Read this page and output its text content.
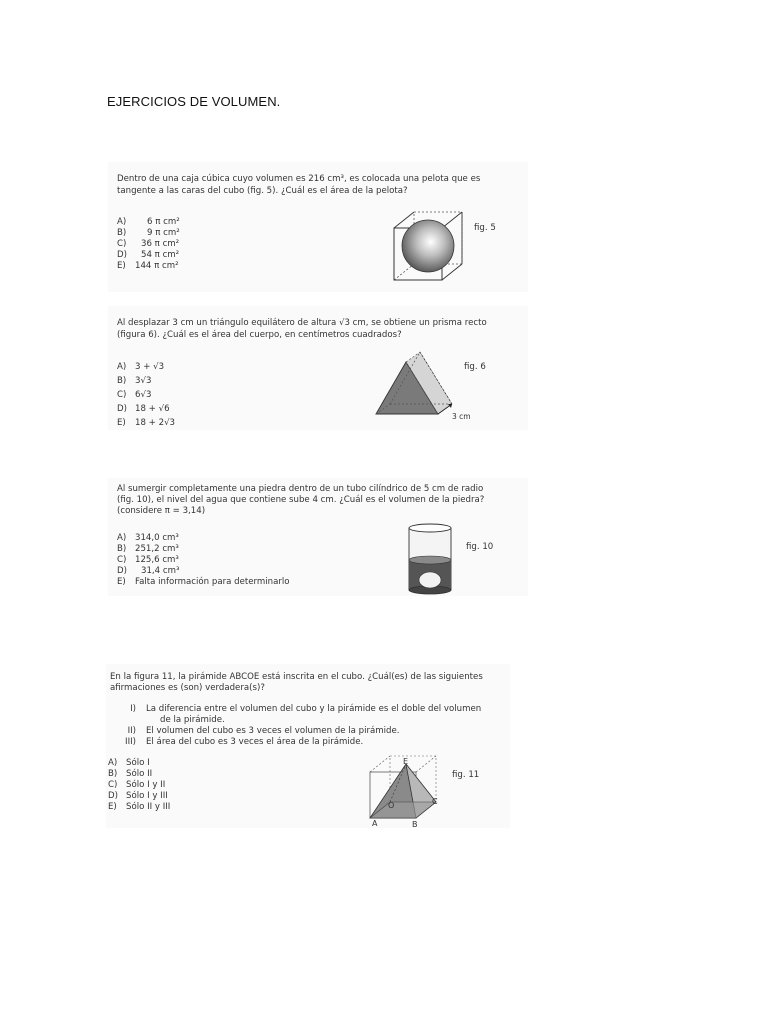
EJERCICIOS DE VOLUMEN.
Dentro de una caja cúbica cuyo volumen es 216 cm³, es colocada una pelota que es
tangente a las caras del cubo (fig. 5). ¿Cuál es el área de la pelota?
A) 6 π cm²
B) 9 π cm²
C) 36 π cm²
D) 54 π cm²
E) 144 π cm²
fig. 5
Al desplazar 3 cm un triángulo equilátero de altura √3 cm, se obtiene un prisma recto
(figura 6). ¿Cuál es el área del cuerpo, en centímetros cuadrados?
A) 3 + √3
B) 3√3
C) 6√3
D) 18 + √6
E) 18 + 2√3
fig. 6
3 cm
Al sumergir completamente una piedra dentro de un tubo cilíndrico de 5 cm de radio
(fig. 10), el nivel del agua que contiene sube 4 cm. ¿Cuál es el volumen de la piedra?
(considere π = 3,14)
A) 314,0 cm³
B) 251,2 cm³
C) 125,6 cm³
D) 31,4 cm³
E) Falta información para determinarlo
fig. 10
En la figura 11, la pirámide ABCOE está inscrita en el cubo. ¿Cuál(es) de las siguientes
afirmaciones es (son) verdadera(s)?
I) La diferencia entre el volumen del cubo y la pirámide es el doble del volumen
de la pirámide.
II) El volumen del cubo es 3 veces el volumen de la pirámide.
III) El área del cubo es 3 veces el área de la pirámide.
A) Sólo I
B) Sólo II
C) Sólo I y II
D) Sólo I y III
E) Sólo II y III
E
C
O
A	B
fig. 11
